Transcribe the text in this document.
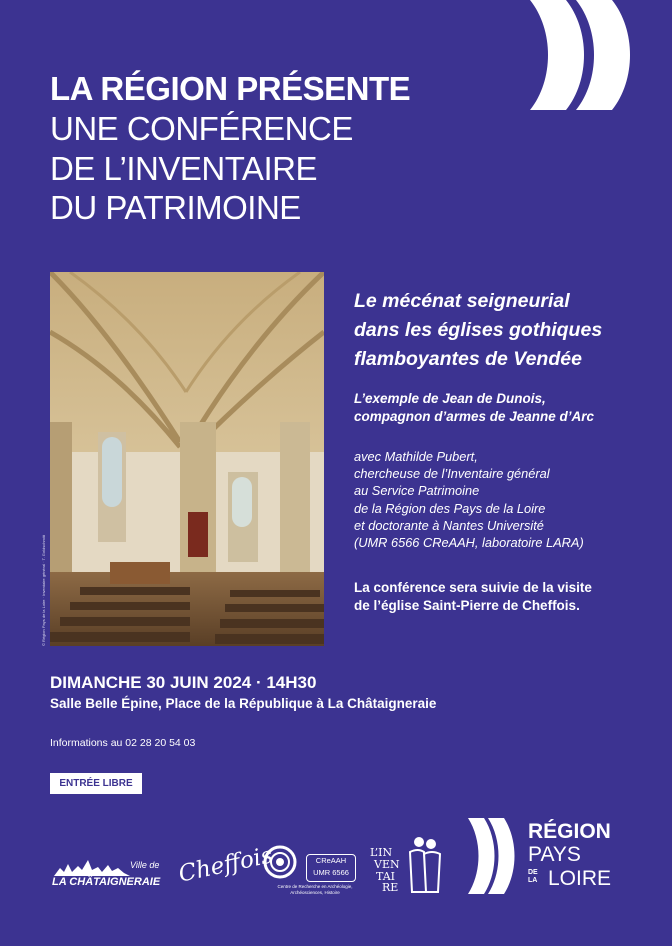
LA RÉGION PRÉSENTE
UNE CONFÉRENCE
DE L’INVENTAIRE
DU PATRIMOINE
© Région Pays de la Loire · Inventaire général · T. Goldschmitt
Le mécénat seigneurial
dans les églises gothiques
flamboyantes de Vendée
L’exemple de Jean de Dunois,
compagnon d’armes de Jeanne d’Arc
avec Mathilde Pubert,
chercheuse de l’Inventaire général
au Service Patrimoine
de la Région des Pays de la Loire
et doctorante à Nantes Université
(UMR 6566 CReAAH, laboratoire LARA)
La conférence sera suivie de la visite
de l’église Saint-Pierre de Cheffois.
DIMANCHE 30 JUIN 2024 · 14H30
Salle Belle Épine, Place de la République à La Châtaigneraie
Informations au 02 28 20 54 03
ENTRÉE LIBRE
Ville de
LA CHÂTAIGNERAIE Cheffois	CReAAH
UMR 6566
Centre de Recherche en Archéologie, Archéosciences, Histoire
L’IN
VEN
TAI
RE
RÉGION
PAYS
DE
LA LOIRE
